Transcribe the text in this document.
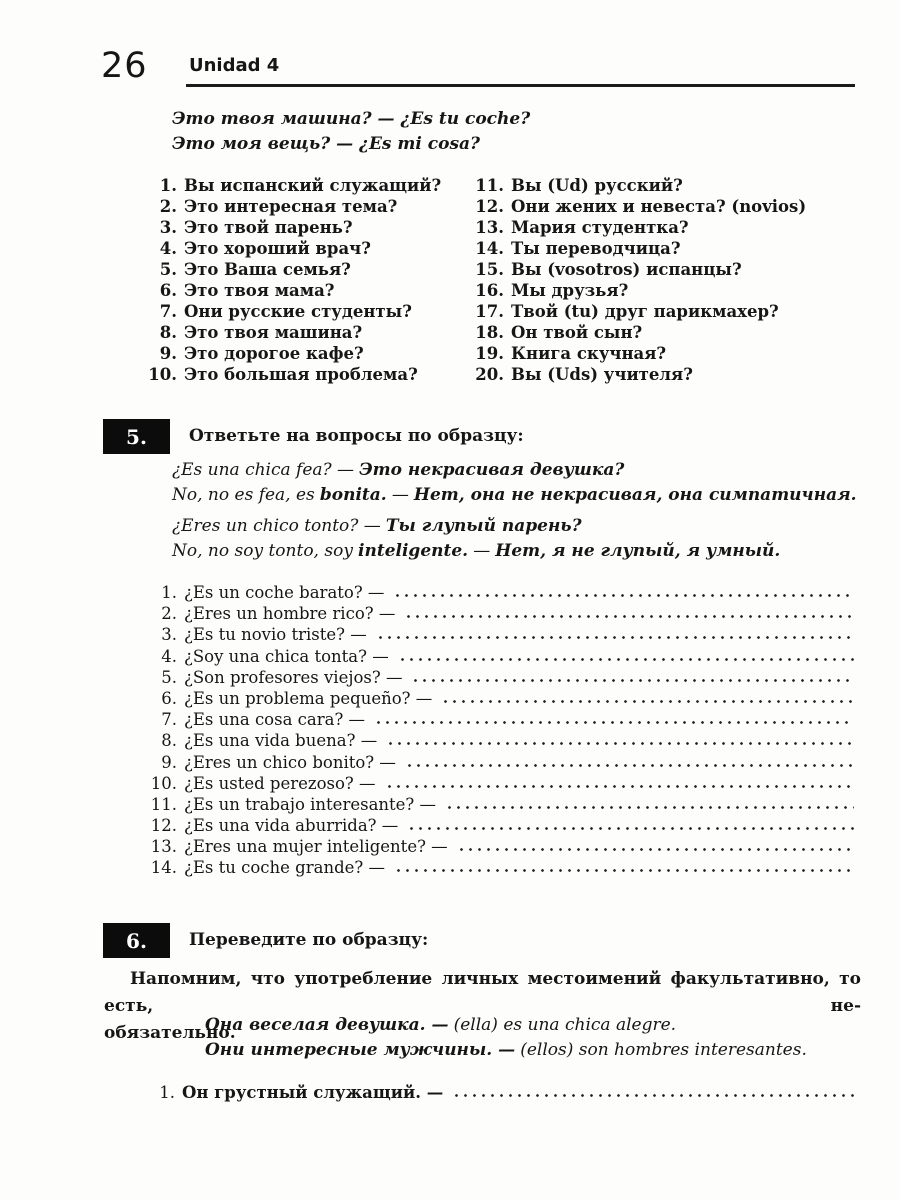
26 Unidad 4
Это твоя машина? — ¿Es tu coche?
Это моя вещь? — ¿Es mi cosa?
1. Вы испанский служащий?
2. Это интересная тема?
3. Это твой парень?
4. Это хороший врач?
5. Это Ваша семья?
6. Это твоя мама?
7. Они русские студенты?
8. Это твоя машина?
9. Это дорогое кафе?
10. Это большая проблема?
11. Вы (Ud) русский?
12. Они жених и невеста? (novios)
13. Мария студентка?
14. Ты переводчица?
15. Вы (vosotros) испанцы?
16. Мы друзья?
17. Твой (tu) друг парикмахер?
18. Он твой сын?
19. Книга скучная?
20. Вы (Uds) учителя?
5.	Ответьте на вопросы по образцу:
¿Es una chica fea? — Это некрасивая девушка?
No, no es fea, es bonita. — Нет, она не некрасивая, она симпатичная.
¿Eres un chico tonto? — Ты глупый парень?
No, no soy tonto, soy inteligente. — Нет, я не глупый, я умный.
1. ¿Es un coche barato? —
2. ¿Eres un hombre rico? —
3. ¿Es tu novio triste? —
4. ¿Soy una chica tonta? —
5. ¿Son profesores viejos? —
6. ¿Es un problema pequeño? —
7. ¿Es una cosa cara? —
8. ¿Es una vida buena? —
9. ¿Eres un chico bonito? —
10. ¿Es usted perezoso? —
11. ¿Es un trabajo interesante? —
12. ¿Es una vida aburrida? —
13. ¿Eres una mujer inteligente? —
14. ¿Es tu coche grande? —
6.	Переведите по образцу:
Напомним, что употребление личных местоимений факультативно, то есть, не-
обязательно.
Она веселая девушка. — (ella) es una chica alegre.
Они интересные мужчины. — (ellos) son hombres interesantes.
1. Он грустный служащий. —
